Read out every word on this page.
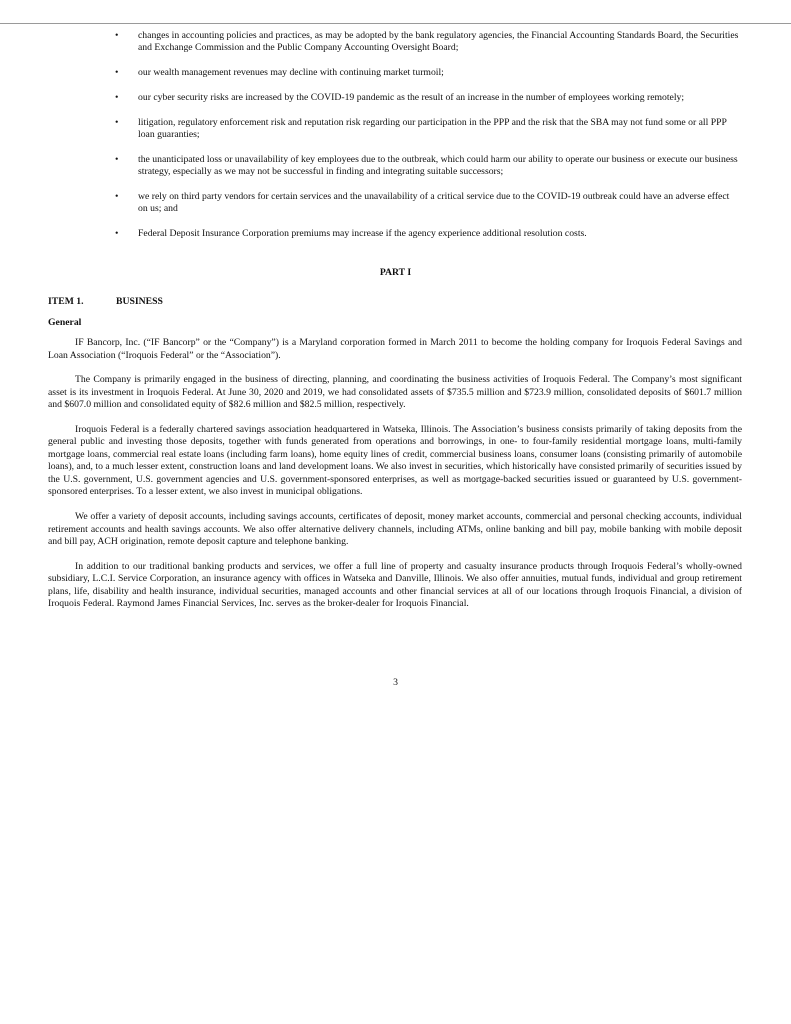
• changes in accounting policies and practices, as may be adopted by the bank regulatory agencies, the Financial Accounting Standards Board, the Securities and Exchange Commission and the Public Company Accounting Oversight Board;
• our wealth management revenues may decline with continuing market turmoil;
• our cyber security risks are increased by the COVID-19 pandemic as the result of an increase in the number of employees working remotely;
• litigation, regulatory enforcement risk and reputation risk regarding our participation in the PPP and the risk that the SBA may not fund some or all PPP loan guaranties;
• the unanticipated loss or unavailability of key employees due to the outbreak, which could harm our ability to operate our business or execute our business strategy, especially as we may not be successful in finding and integrating suitable successors;
• we rely on third party vendors for certain services and the unavailability of a critical service due to the COVID-19 outbreak could have an adverse effect on us; and
• Federal Deposit Insurance Corporation premiums may increase if the agency experience additional resolution costs.
PART I
ITEM 1.	BUSINESS
General

IF Bancorp, Inc. (“IF Bancorp” or the “Company”) is a Maryland corporation formed in March 2011 to become the holding company for Iroquois Federal Savings and Loan Association (“Iroquois Federal” or the “Association”).

The Company is primarily engaged in the business of directing, planning, and coordinating the business activities of Iroquois Federal. The Company’s most significant asset is its investment in Iroquois Federal. At June 30, 2020 and 2019, we had consolidated assets of $735.5 million and $723.9 million, consolidated deposits of $601.7 million and $607.0 million and consolidated equity of $82.6 million and $82.5 million, respectively.

Iroquois Federal is a federally chartered savings association headquartered in Watseka, Illinois. The Association’s business consists primarily of taking deposits from the general public and investing those deposits, together with funds generated from operations and borrowings, in one- to four-family residential mortgage loans, multi-family mortgage loans, commercial real estate loans (including farm loans), home equity lines of credit, commercial business loans, consumer loans (consisting primarily of automobile loans), and, to a much lesser extent, construction loans and land development loans. We also invest in securities, which historically have consisted primarily of securities issued by the U.S. government, U.S. government agencies and U.S. government-sponsored enterprises, as well as mortgage-backed securities issued or guaranteed by U.S. government-sponsored enterprises. To a lesser extent, we also invest in municipal obligations.

We offer a variety of deposit accounts, including savings accounts, certificates of deposit, money market accounts, commercial and personal checking accounts, individual retirement accounts and health savings accounts. We also offer alternative delivery channels, including ATMs, online banking and bill pay, mobile banking with mobile deposit and bill pay, ACH origination, remote deposit capture and telephone banking.

In addition to our traditional banking products and services, we offer a full line of property and casualty insurance products through Iroquois Federal’s wholly-owned subsidiary, L.C.I. Service Corporation, an insurance agency with offices in Watseka and Danville, Illinois. We also offer annuities, mutual funds, individual and group retirement plans, life, disability and health insurance, individual securities, managed accounts and other financial services at all of our locations through Iroquois Financial, a division of Iroquois Federal. Raymond James Financial Services, Inc. serves as the broker-dealer for Iroquois Financial.

3
